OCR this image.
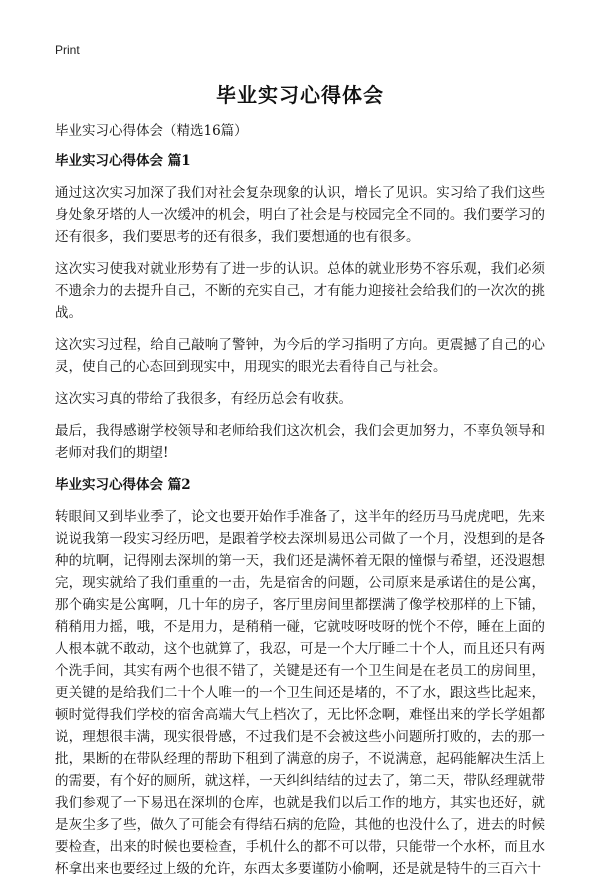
Print
毕业实习心得体会

毕业实习心得体会（精选16篇）

毕业实习心得体会 篇1

通过这次实习加深了我们对社会复杂现象的认识，增长了见识。实习给了我们这些身处象牙塔的人一次缓冲的机会，明白了社会是与校园完全不同的。我们要学习的还有很多，我们要思考的还有很多，我们要想通的也有很多。

这次实习使我对就业形势有了进一步的认识。总体的就业形势不容乐观，我们必须不遗余力的去提升自己，不断的充实自己，才有能力迎接社会给我们的一次次的挑战。

这次实习过程，给自己敲响了警钟，为今后的学习指明了方向。更震撼了自己的心灵，使自己的心态回到现实中，用现实的眼光去看待自己与社会。

这次实习真的带给了我很多，有经历总会有收获。

最后，我得感谢学校领导和老师给我们这次机会，我们会更加努力，不辜负领导和老师对我们的期望!

毕业实习心得体会 篇2

转眼间又到毕业季了，论文也要开始作手准备了，这半年的经历马马虎虎吧，先来说说我第一段实习经历吧，是跟着学校去深圳易迅公司做了一个月，没想到的是各种的坑啊，记得刚去深圳的第一天，我们还是满怀着无限的憧憬与希望，还没遐想完，现实就给了我们重重的一击，先是宿舍的问题，公司原来是承诺住的是公寓，那个确实是公寓啊，几十年的房子，客厅里房间里都摆满了像学校那样的上下铺，稍稍用力摇，哦，不是用力，是稍稍一碰，它就吱呀吱呀的恍个不停，睡在上面的人根本就不敢动，这个也就算了，我忍，可是一个大厅睡二十个人，而且还只有两个洗手间，其实有两个也很不错了，关键是还有一个卫生间是在老员工的房间里，更关键的是给我们二十个人唯一的一个卫生间还是堵的，不了水，跟这些比起来，顿时觉得我们学校的宿舍高端大气上档次了，无比怀念啊，难怪出来的学长学姐都说，理想很丰满，现实很骨感，不过我们是不会被这些小问题所打败的，去的那一批，果断的在带队经理的帮助下租到了满意的房子，不说满意，起码能解决生活上的需要，有个好的厕所，就这样，一天纠纠结结的过去了，第二天，带队经理就带我们参观了一下易迅在深圳的仓库，也就是我们以后工作的地方，其实也还好，就是灰尘多了些，做久了可能会有得结石病的危险，其他的也没什么了，进去的时候要检查，出来的时候也要检查，手机什么的都不可以带，只能带一个水杯，而且水杯拿出来也要经过上级的允许，东西太多要谨防小偷啊，还是就是特牛的三百六十
